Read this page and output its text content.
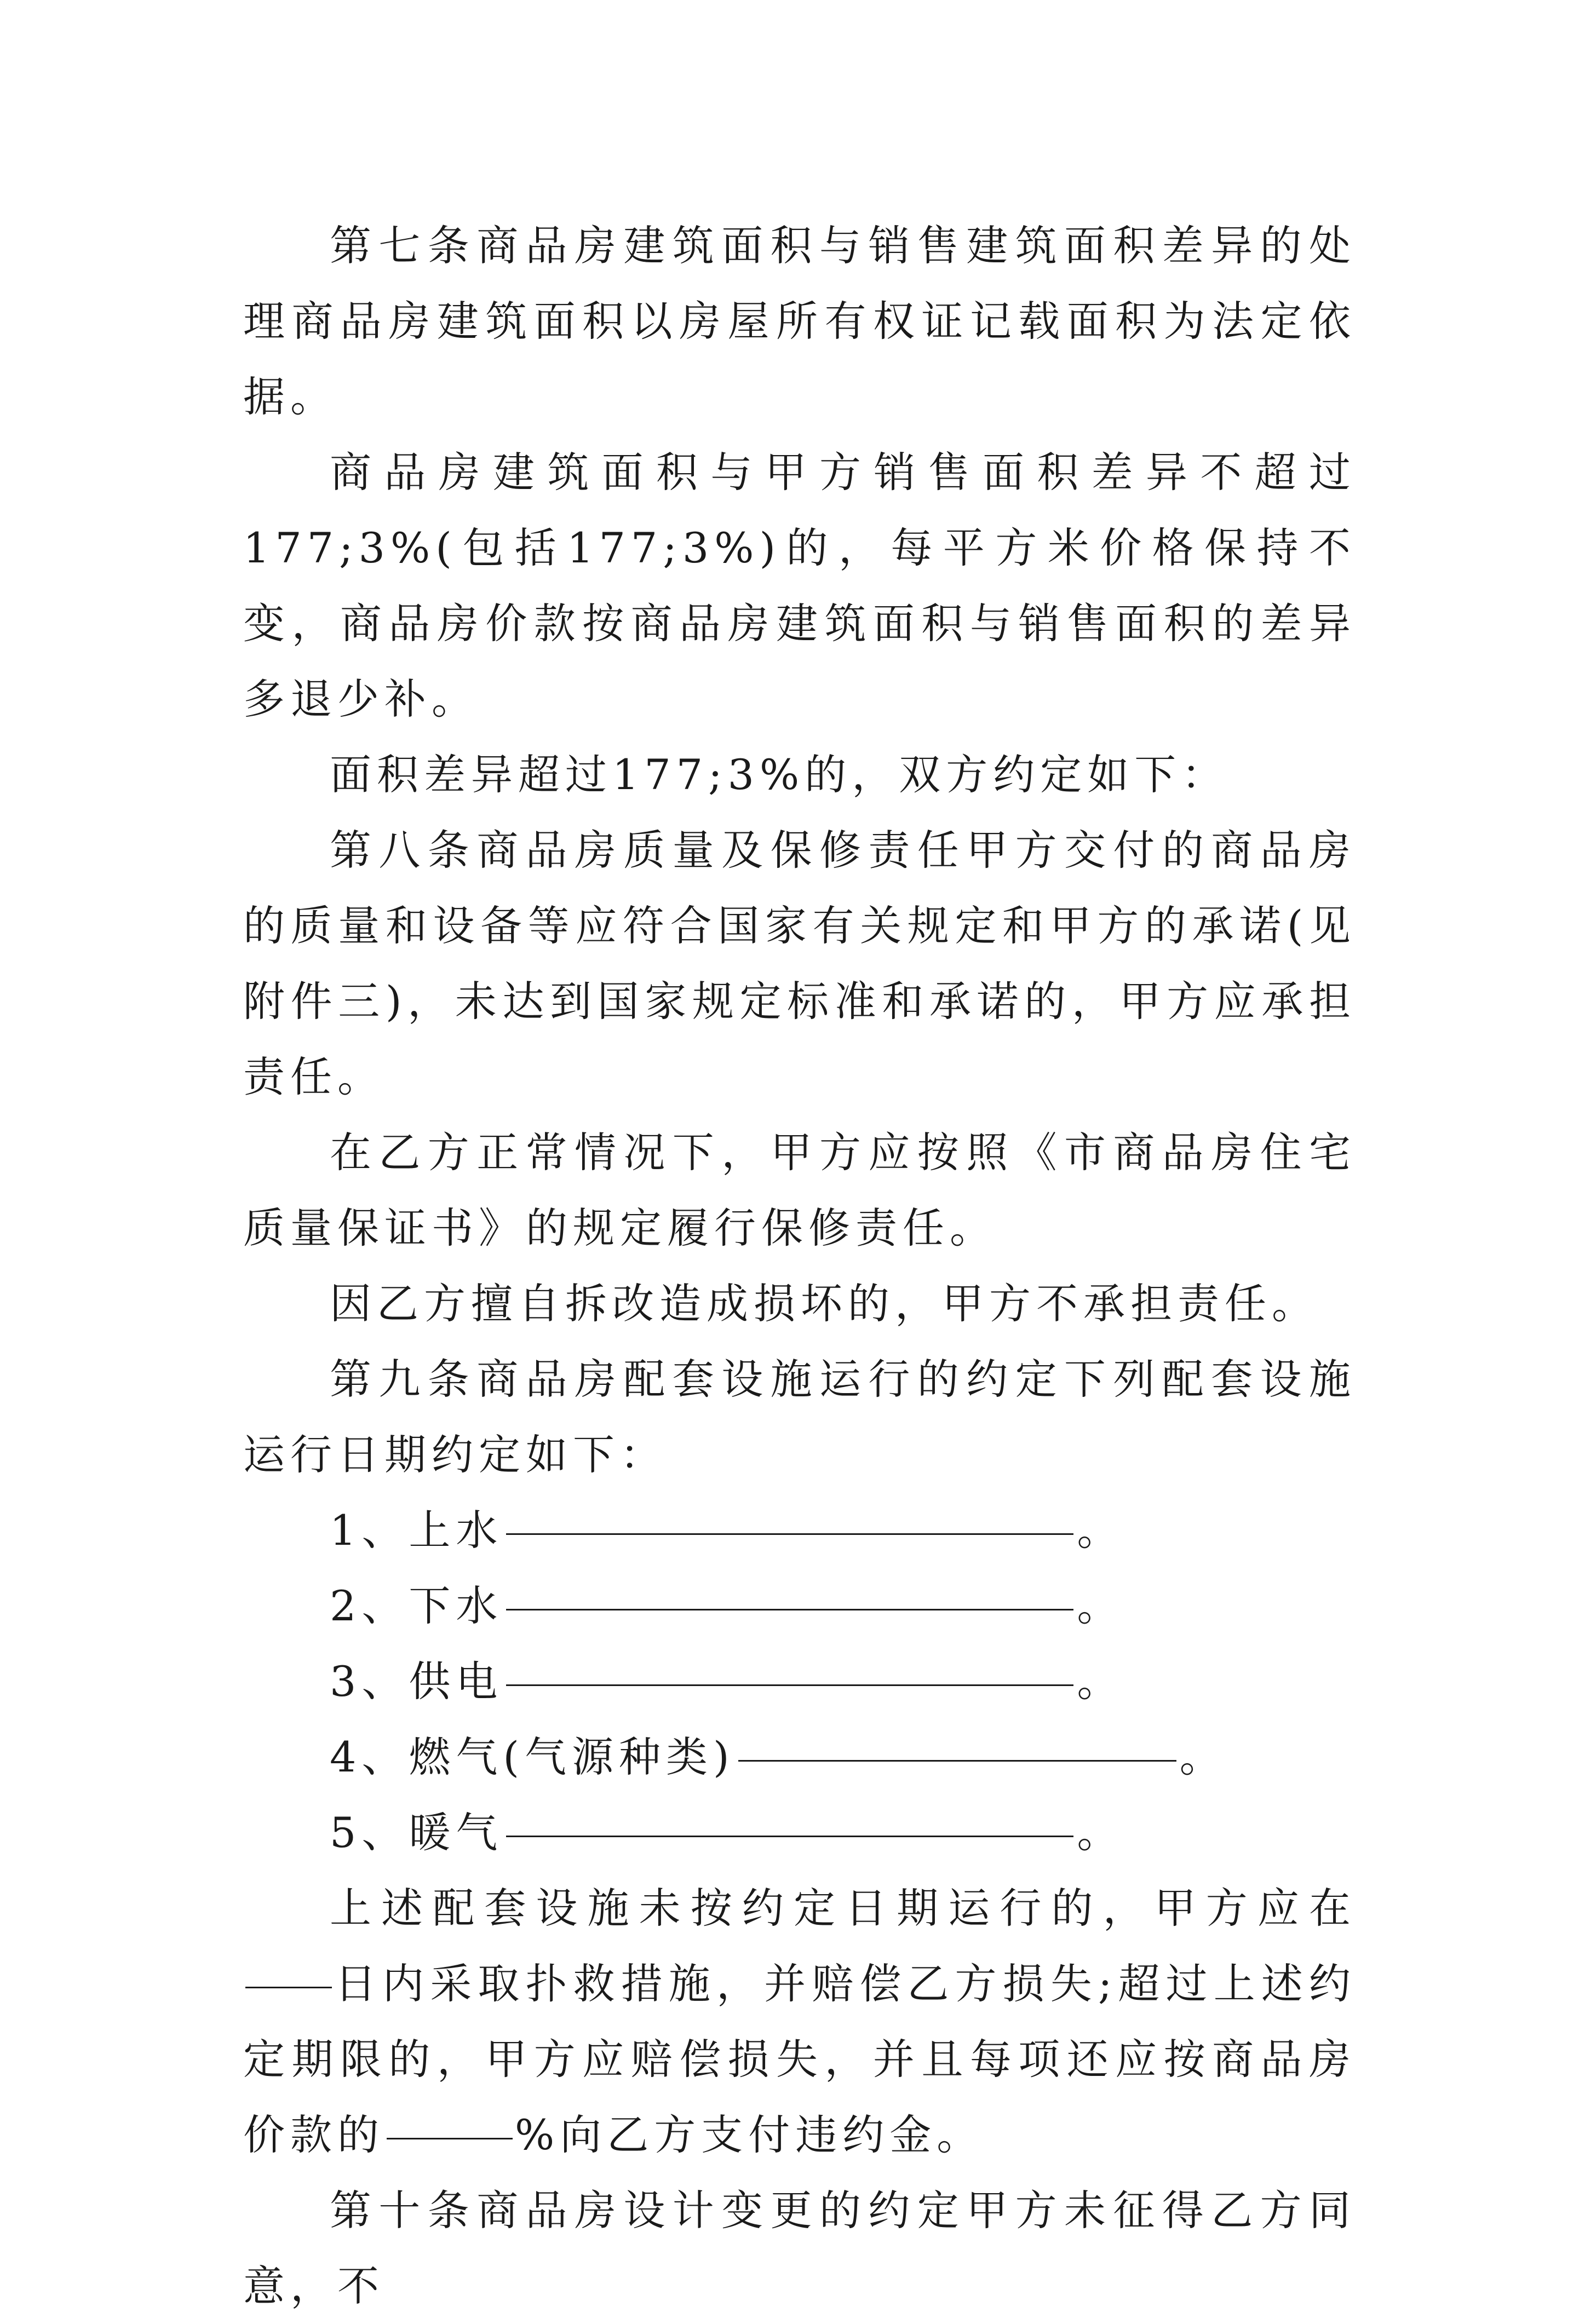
第七条商品房建筑面积与销售建筑面积差异的处理商品房建筑面积以房屋所有权证记载面积为法定依据。

商品房建筑面积与甲方销售面积差异不超过177;3%(包括177;3%)的，每平方米价格保持不变，商品房价款按商品房建筑面积与销售面积的差异多退少补。

面积差异超过177;3%的，双方约定如下：

第八条商品房质量及保修责任甲方交付的商品房的质量和设备等应符合国家有关规定和甲方的承诺(见附件三)，未达到国家规定标准和承诺的，甲方应承担责任。

在乙方正常情况下，甲方应按照《市商品房住宅质量保证书》的规定履行保修责任。

因乙方擅自拆改造成损坏的，甲方不承担责任。

第九条商品房配套设施运行的约定下列配套设施运行日期约定如下：

1、上水	。
2、下水	。
3、供电	。
4、燃气(气源种类)	。
5、暖气	。

上述配套设施未按约定日期运行的，甲方应在日内采取扑救措施，并赔偿乙方损失;超过上述约定期限的，甲方应赔偿损失，并且每项还应按商品房价款的	%向乙方支付违约金。

第十条商品房设计变更的约定甲方未征得乙方同意，不
